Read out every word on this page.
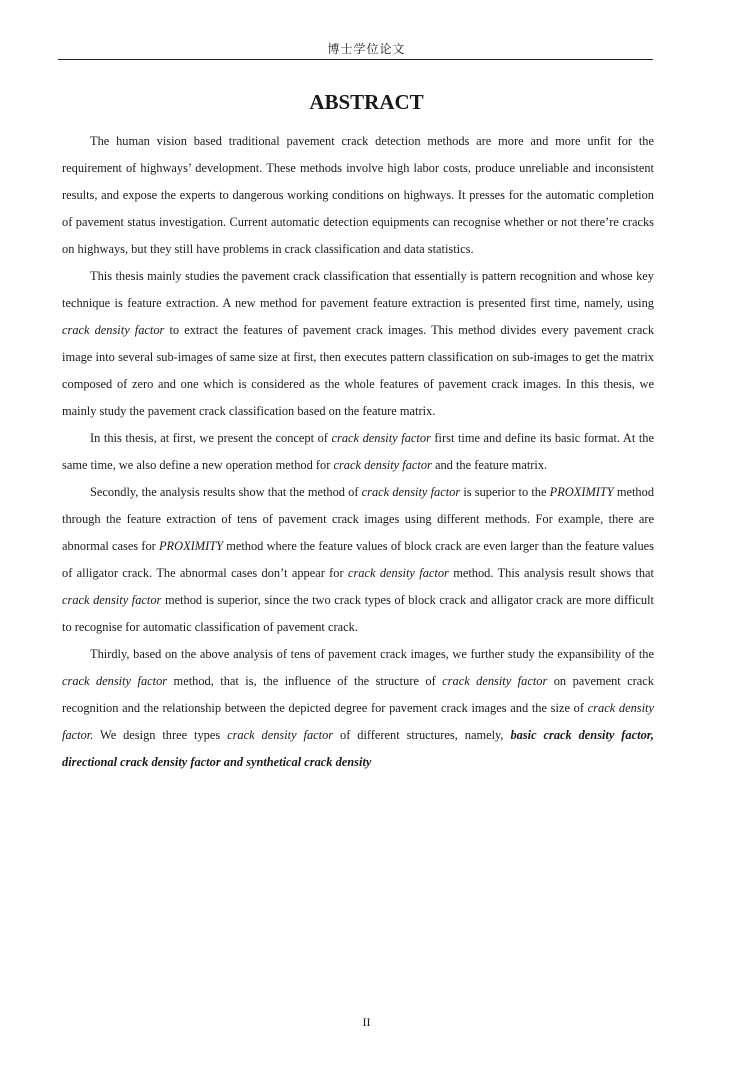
博士学位论文
ABSTRACT

The human vision based traditional pavement crack detection methods are more and more unfit for the requirement of highways’ development. These methods involve high labor costs, produce unreliable and inconsistent results, and expose the experts to dangerous working conditions on highways. It presses for the automatic completion of pavement status investigation. Current automatic detection equipments can recognise whether or not there’re cracks on highways, but they still have problems in crack classification and data statistics.

This thesis mainly studies the pavement crack classification that essentially is pattern recognition and whose key technique is feature extraction. A new method for pavement feature extraction is presented first time, namely, using crack density factor to extract the features of pavement crack images. This method divides every pavement crack image into several sub-images of same size at first, then executes pattern classification on sub-images to get the matrix composed of zero and one which is considered as the whole features of pavement crack images. In this thesis, we mainly study the pavement crack classification based on the feature matrix.

In this thesis, at first, we present the concept of crack density factor first time and define its basic format. At the same time, we also define a new operation method for crack density factor and the feature matrix.

Secondly, the analysis results show that the method of crack density factor is superior to the PROXIMITY method through the feature extraction of tens of pavement crack images using different methods. For example, there are abnormal cases for PROXIMITY method where the feature values of block crack are even larger than the feature values of alligator crack. The abnormal cases don’t appear for crack density factor method. This analysis result shows that crack density factor method is superior, since the two crack types of block crack and alligator crack are more difficult to recognise for automatic classification of pavement crack.

Thirdly, based on the above analysis of tens of pavement crack images, we further study the expansibility of the crack density factor method, that is, the influence of the structure of crack density factor on pavement crack recognition and the relationship between the depicted degree for pavement crack images and the size of crack density factor. We design three types crack density factor of different structures, namely, basic crack density factor, directional crack density factor and synthetical crack density

II
